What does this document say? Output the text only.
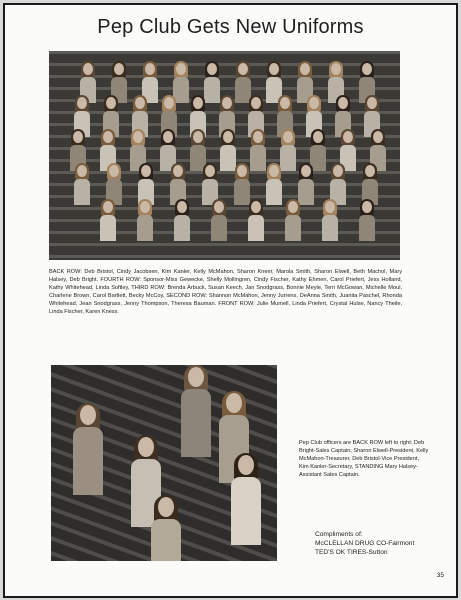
Pep Club Gets New Uniforms
BACK ROW: Deb Bristol, Cindy Jacobsen, Kim Kanler, Kelly McMahon, Sharon Kneer, Marola Smith, Sharon Elwell, Beth Machol, Mary Halsey, Deb Bright. FOURTH ROW: Sponsor-Miss Gewecke, Shelly Mollingren, Cindy Fischer, Kathy Ehmen, Carol Priefert, Jess Holland, Kathy Whitehead, Linda Softley, THIRD ROW: Brenda Arbuck, Susan Keech, Jan Snodgrass, Bonnie Meyle, Terri McGowan, Michelle Moul, Charlene Brown, Carol Bartlett, Becky McCoy, SECOND ROW: Shannon McMahon, Jenny Jurrens, DeAnna Smith, Juanita Paschel, Rhonda Whitehead, Jean Snodgrass, Jenny Thompson, Theresa Bauman. FRONT ROW: Julie Mumell, Linda Priefert, Crystal Hulse, Nancy Theile, Linda Fischer, Karen Kness.
Pep Club officers are BACK ROW left to right: Deb Bright-Sales Captain, Sharon Elwell-President, Kelly McMahon-Treasurer, Deb Bristol-Vice President, Kim Kanler-Secretary, STANDING Mary Halsey-Assistant Sales Captain.
Compliments of:
McCLELLAN DRUG CO-Fairmont
TED'S OK TIRES-Sutton
35
